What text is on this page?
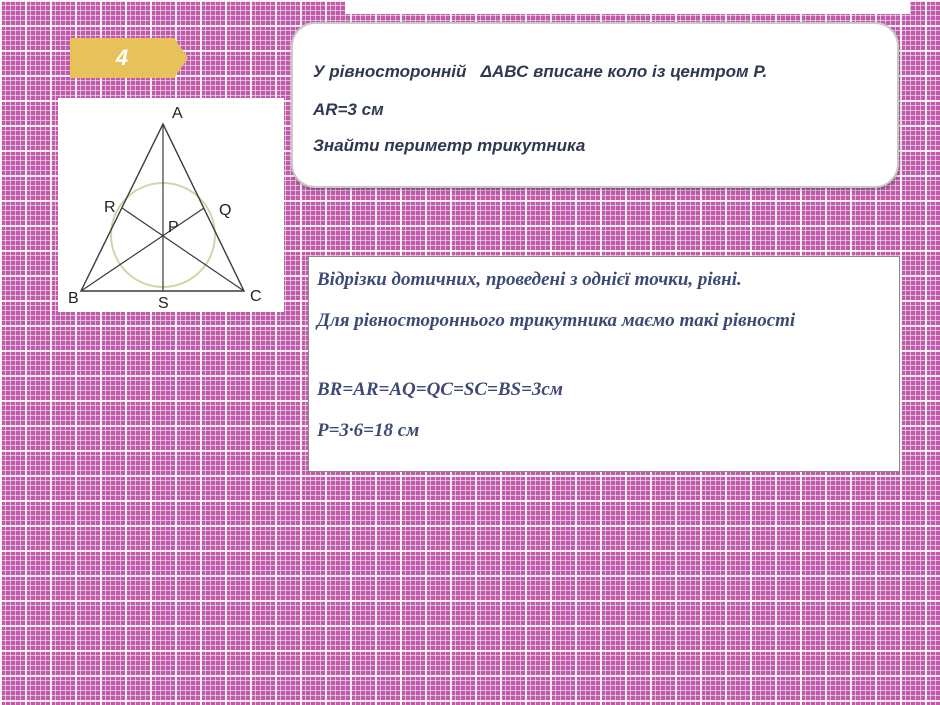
4
A
B	C
P
Q
R
S

У рівносторонній   ΔАВС вписане коло із центром Р.

АR=3 см

Знайти периметр трикутника

Відрізки дотичних, проведені з однієї точки, рівні.

Для рівностороннього трикутника маємо такі рівності

BR=AR=AQ=QC=SC=BS=3см

P=3·6=18 см
